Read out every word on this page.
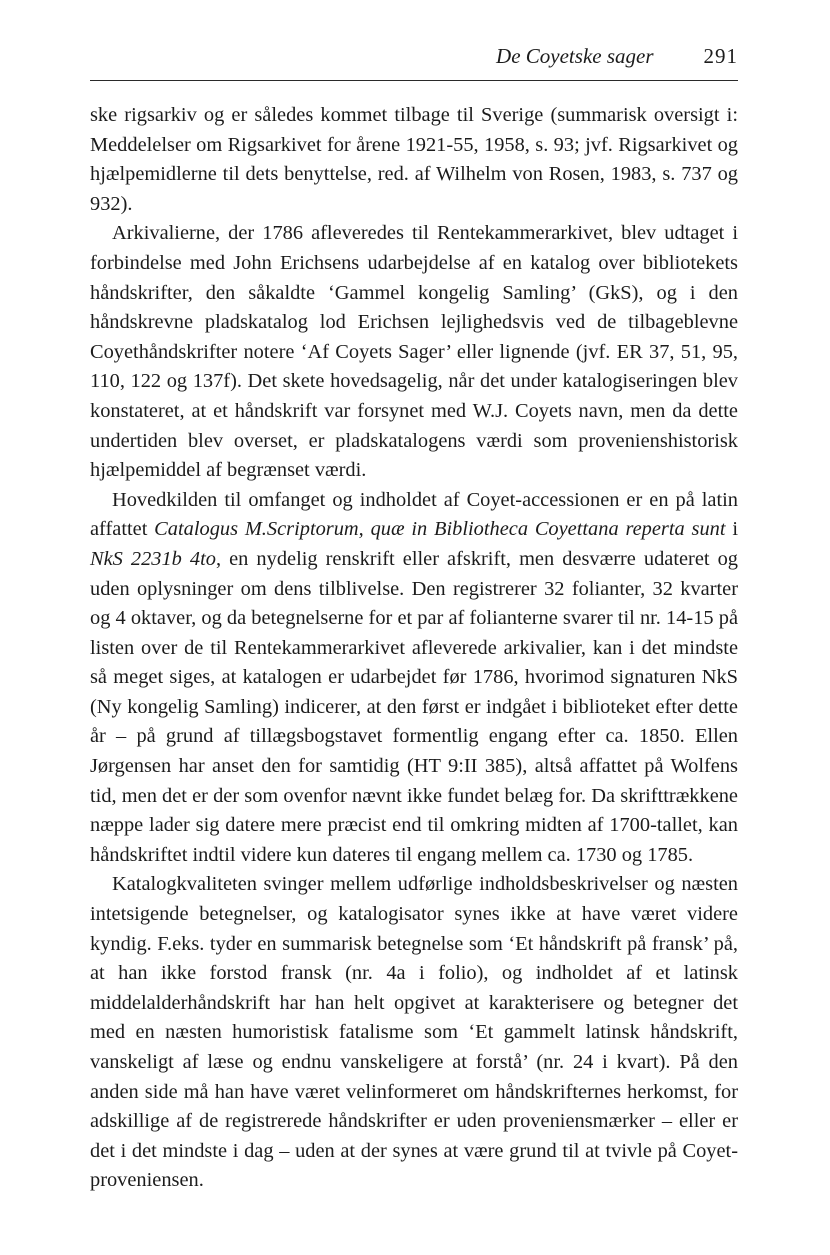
De Coyetske sager 291

ske rigsarkiv og er således kommet tilbage til Sverige (summarisk oversigt i: Meddelelser om Rigsarkivet for årene 1921-55, 1958, s. 93; jvf. Rigsarkivet og hjælpemidlerne til dets benyttelse, red. af Wilhelm von Rosen, 1983, s. 737 og 932).

Arkivalierne, der 1786 afleveredes til Rentekammerarkivet, blev udtaget i forbindelse med John Erichsens udarbejdelse af en katalog over bibliotekets håndskrifter, den såkaldte ‘Gammel kongelig Samling’ (GkS), og i den håndskrevne pladskatalog lod Erichsen lejlighedsvis ved de tilbageblevne Coyethåndskrifter notere ‘Af Coyets Sager’ eller lignende (jvf. ER 37, 51, 95, 110, 122 og 137f). Det skete hovedsagelig, når det under katalogiseringen blev konstateret, at et håndskrift var forsynet med W.J. Coyets navn, men da dette undertiden blev overset, er pladskatalogens værdi som provenienshistorisk hjælpemiddel af begrænset værdi.

Hovedkilden til omfanget og indholdet af Coyet-accessionen er en på latin affattet Catalogus M.Scriptorum, quæ in Bibliotheca Coyettana reperta sunt i NkS 2231b 4to, en nydelig renskrift eller afskrift, men desværre udateret og uden oplysninger om dens tilblivelse. Den registrerer 32 folianter, 32 kvarter og 4 oktaver, og da betegnelserne for et par af folianterne svarer til nr. 14-15 på listen over de til Rentekammerarkivet afleverede arkivalier, kan i det mindste så meget siges, at katalogen er udarbejdet før 1786, hvorimod signaturen NkS (Ny kongelig Samling) indicerer, at den først er indgået i biblioteket efter dette år – på grund af tillægsbogstavet formentlig engang efter ca. 1850. Ellen Jørgensen har anset den for samtidig (HT 9:II 385), altså affattet på Wolfens tid, men det er der som ovenfor nævnt ikke fundet belæg for. Da skrifttrækkene næppe lader sig datere mere præcist end til omkring midten af 1700-tallet, kan håndskriftet indtil videre kun dateres til engang mellem ca. 1730 og 1785.

Katalogkvaliteten svinger mellem udførlige indholdsbeskrivelser og næsten intetsigende betegnelser, og katalogisator synes ikke at have været videre kyndig. F.eks. tyder en summarisk betegnelse som ‘Et håndskrift på fransk’ på, at han ikke forstod fransk (nr. 4a i folio), og indholdet af et latinsk middelalderhåndskrift har han helt opgivet at karakterisere og betegner det med en næsten humoristisk fatalisme som ‘Et gammelt latinsk håndskrift, vanskeligt af læse og endnu vanskeligere at forstå’ (nr. 24 i kvart). På den anden side må han have været velinformeret om håndskrifternes herkomst, for adskillige af de registrerede håndskrifter er uden proveniensmærker – eller er det i det mindste i dag – uden at der synes at være grund til at tvivle på Coyet-proveniensen.
